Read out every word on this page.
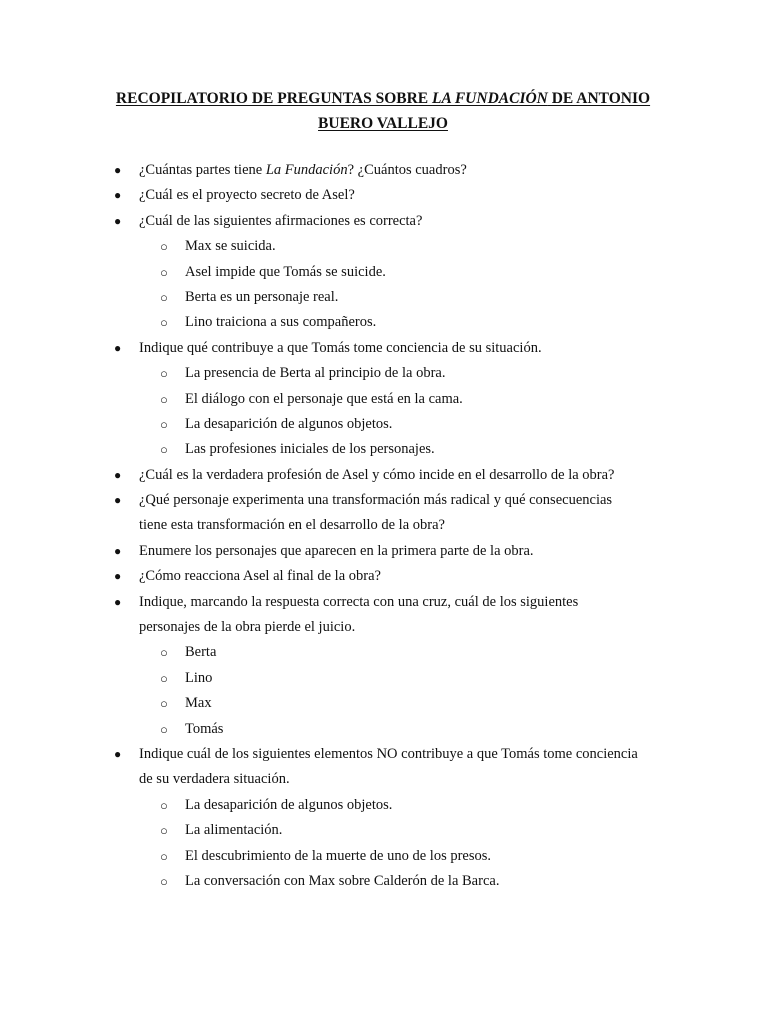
RECOPILATORIO DE PREGUNTAS SOBRE LA FUNDACIÓN DE ANTONIO
BUERO VALLEJO
● ¿Cuántas partes tiene La Fundación? ¿Cuántos cuadros?
● ¿Cuál es el proyecto secreto de Asel?
● ¿Cuál de las siguientes afirmaciones es correcta?
○ Max se suicida.
○ Asel impide que Tomás se suicide.
○ Berta es un personaje real.
○ Lino traiciona a sus compañeros.
● Indique qué contribuye a que Tomás tome conciencia de su situación.
○ La presencia de Berta al principio de la obra.
○ El diálogo con el personaje que está en la cama.
○ La desaparición de algunos objetos.
○ Las profesiones iniciales de los personajes.
● ¿Cuál es la verdadera profesión de Asel y cómo incide en el desarrollo de la obra?
● ¿Qué personaje experimenta una transformación más radical y qué consecuencias
tiene esta transformación en el desarrollo de la obra?
● Enumere los personajes que aparecen en la primera parte de la obra.
● ¿Cómo reacciona Asel al final de la obra?
● Indique, marcando la respuesta correcta con una cruz, cuál de los siguientes
personajes de la obra pierde el juicio.
○ Berta
○ Lino
○ Max
○ Tomás
● Indique cuál de los siguientes elementos NO contribuye a que Tomás tome conciencia
de su verdadera situación.
○ La desaparición de algunos objetos.
○ La alimentación.
○ El descubrimiento de la muerte de uno de los presos.
○ La conversación con Max sobre Calderón de la Barca.
